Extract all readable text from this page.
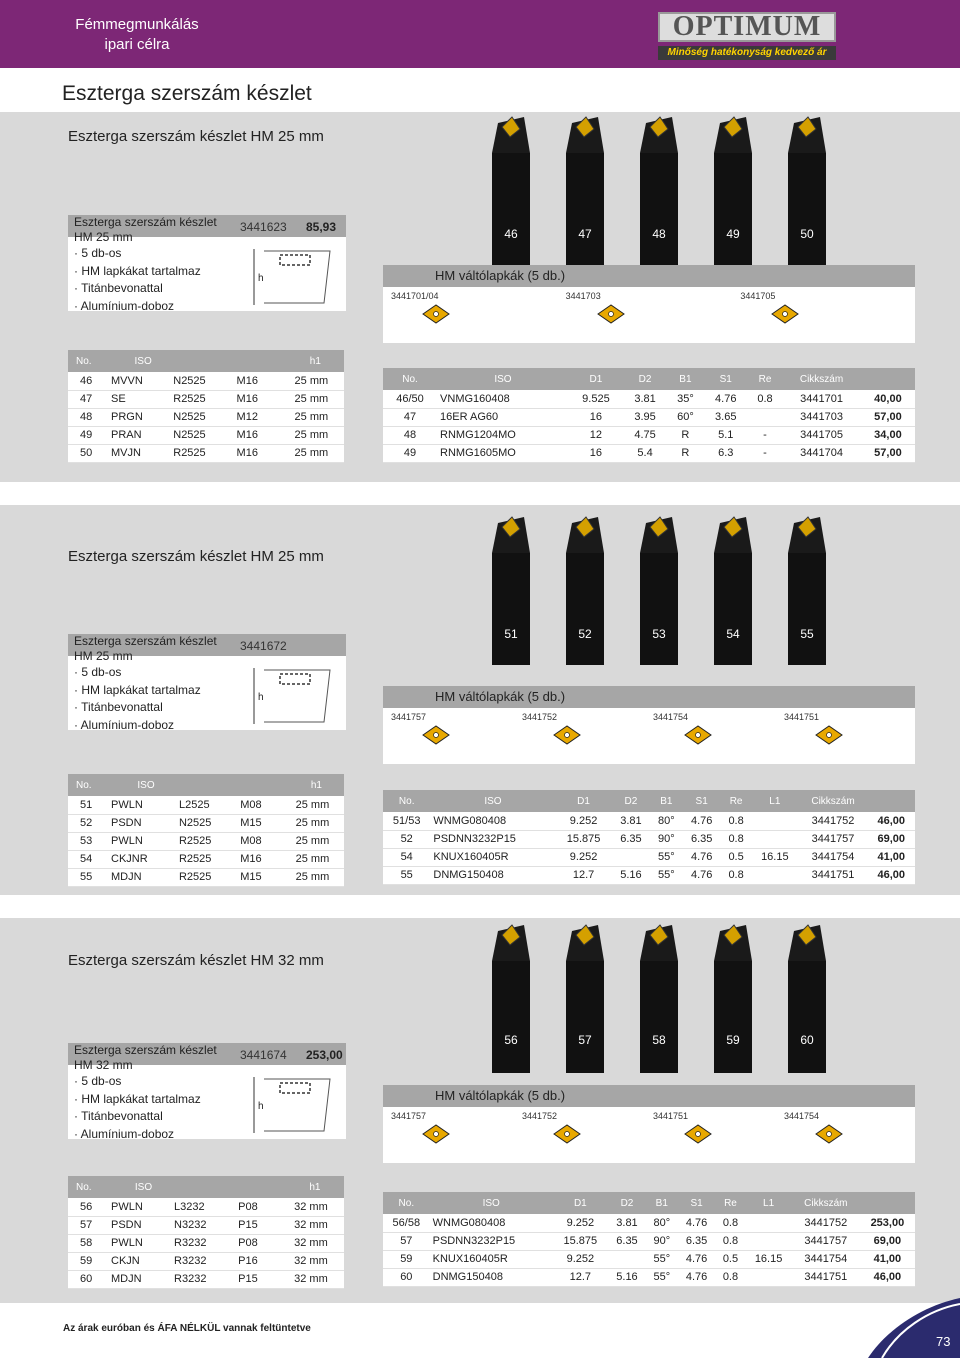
Fémmegmunkálás ipari célra
OPTIMUM
Minőség hatékonyság kedvező ár
Eszterga szerszám készlet
Eszterga szerszám készlet HM 25 mm
Eszterga szerszám készlet HM 25 mm
3441623 85,93
· 5 db-os
· HM lapkákat tartalmaz
· Titánbevonattal
· Alumínium-doboz
h
46	47	48	49	50
HM váltólapkák (5 db.)
3441701/04	3441703	3441705
No.	ISO			h1
46	MVVN	N2525	M16	25 mm
47	SE	R2525	M16	25 mm
48	PRGN	N2525	M12	25 mm
49	PRAN	N2525	M16	25 mm
50	MVJN	R2525	M16	25 mm
No.	ISO	D1	D2	B1	S1	Re	Cikkszám	
46/50	VNMG160408	9.525	3.81	35°	4.76	0.8	3441701	40,00
47	16ER AG60	16	3.95	60°	3.65		3441703	57,00
48	RNMG1204MO	12	4.75	R	5.1	-	3441705	34,00
49	RNMG1605MO	16	5.4	R	6.3	-	3441704	57,00
Eszterga szerszám készlet HM 25 mm
Eszterga szerszám készlet HM 25 mm
3441672
· 5 db-os
· HM lapkákat tartalmaz
· Titánbevonattal
· Alumínium-doboz
h
51	52	53	54	55
HM váltólapkák (5 db.)
3441757	3441752	3441754	3441751
No.	ISO			h1
51	PWLN	L2525	M08	25 mm
52	PSDN	N2525	M15	25 mm
53	PWLN	R2525	M08	25 mm
54	CKJNR	R2525	M16	25 mm
55	MDJN	R2525	M15	25 mm
No.	ISO	D1	D2	B1	S1	Re	L1	Cikkszám	
51/53	WNMG080408	9.252	3.81	80°	4.76	0.8		3441752	46,00
52	PSDNN3232P15	15.875	6.35	90°	6.35	0.8		3441757	69,00
54	KNUX160405R	9.252		55°	4.76	0.5	16.15	3441754	41,00
55	DNMG150408	12.7	5.16	55°	4.76	0.8		3441751	46,00
Eszterga szerszám készlet HM 32 mm
Eszterga szerszám készlet HM 32 mm
3441674 253,00
· 5 db-os
· HM lapkákat tartalmaz
· Titánbevonattal
· Alumínium-doboz
h
56	57	58	59	60
HM váltólapkák (5 db.)
3441757	3441752	3441751	3441754
No.	ISO			h1
56	PWLN	L3232	P08	32 mm
57	PSDN	N3232	P15	32 mm
58	PWLN	R3232	P08	32 mm
59	CKJN	R3232	P16	32 mm
60	MDJN	R3232	P15	32 mm
No.	ISO	D1	D2	B1	S1	Re	L1	Cikkszám	
56/58	WNMG080408	9.252	3.81	80°	4.76	0.8		3441752	253,00
57	PSDNN3232P15	15.875	6.35	90°	6.35	0.8		3441757	69,00
59	KNUX160405R	9.252		55°	4.76	0.5	16.15	3441754	41,00
60	DNMG150408	12.7	5.16	55°	4.76	0.8		3441751	46,00
Az árak euróban és ÁFA NÉLKÜL vannak feltüntetve
73
